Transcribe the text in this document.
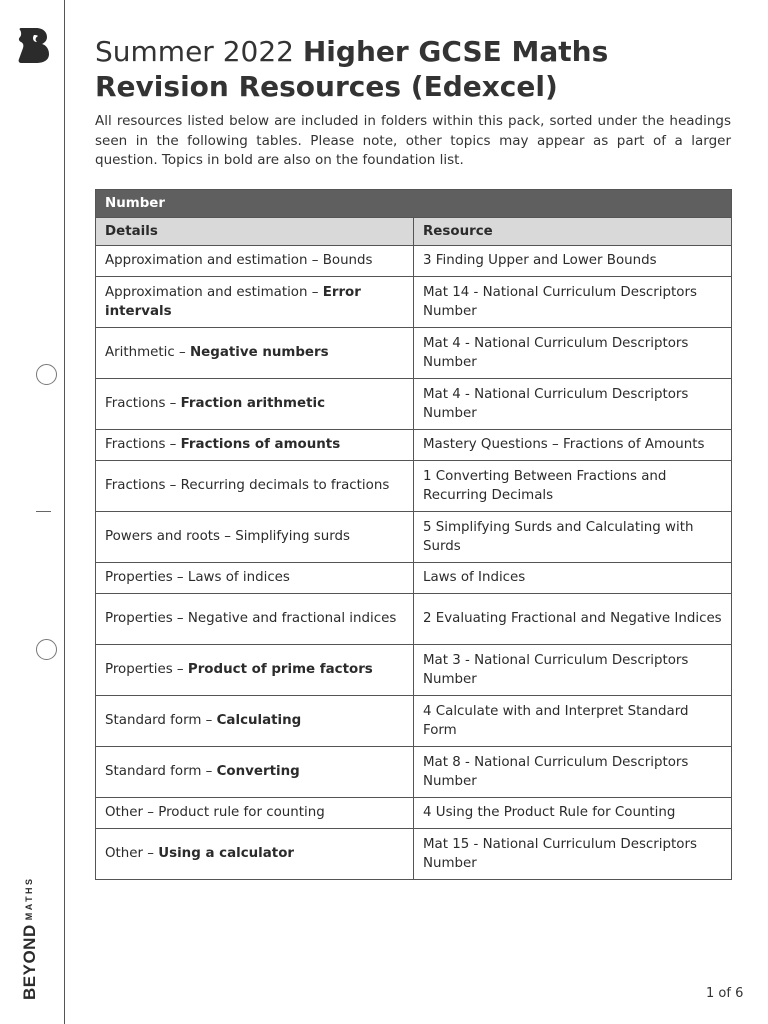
BEYONDMATHS
Summer 2022 Higher GCSE Maths Revision Resources (Edexcel)

All resources listed below are included in folders within this pack, sorted under the headings seen in the following tables. Please note, other topics may appear as part of a larger question. Topics in bold are also on the foundation list.

Number	
Details	Resource
Approximation and estimation – Bounds	3 Finding Upper and Lower Bounds
Approximation and estimation – Error intervals	Mat 14 - National Curriculum Descriptors Number
Arithmetic – Negative numbers	Mat 4 - National Curriculum Descriptors Number
Fractions – Fraction arithmetic	Mat 4 - National Curriculum Descriptors Number
Fractions – Fractions of amounts	Mastery Questions – Fractions of Amounts
Fractions – Recurring decimals to fractions	1 Converting Between Fractions and Recurring Decimals
Powers and roots – Simplifying surds	5 Simplifying Surds and Calculating with Surds
Properties – Laws of indices	Laws of Indices
Properties – Negative and fractional indices	2 Evaluating Fractional and Negative Indices
Properties – Product of prime factors	Mat 3 - National Curriculum Descriptors Number
Standard form – Calculating	4 Calculate with and Interpret Standard Form
Standard form – Converting	Mat 8 - National Curriculum Descriptors Number
Other – Product rule for counting	4 Using the Product Rule for Counting
Other – Using a calculator	Mat 15 - National Curriculum Descriptors Number
1 of 6
